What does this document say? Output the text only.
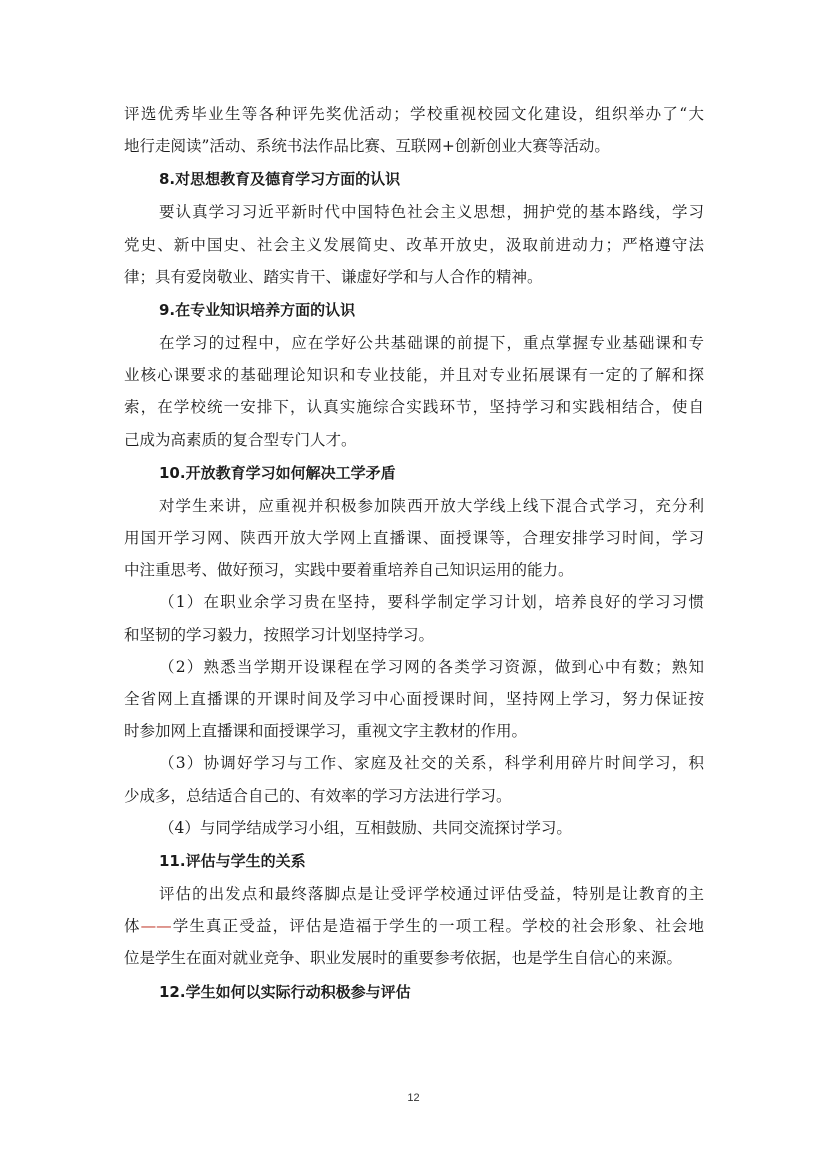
评选优秀毕业生等各种评先奖优活动；学校重视校园文化建设，组织举办了“大

地行走阅读”活动、系统书法作品比赛、互联网+创新创业大赛等活动。

8.对思想教育及德育学习方面的认识

要认真学习习近平新时代中国特色社会主义思想，拥护党的基本路线，学习

党史、新中国史、社会主义发展简史、改革开放史，汲取前进动力；严格遵守法

律；具有爱岗敬业、踏实肯干、谦虚好学和与人合作的精神。

9.在专业知识培养方面的认识

在学习的过程中，应在学好公共基础课的前提下，重点掌握专业基础课和专

业核心课要求的基础理论知识和专业技能，并且对专业拓展课有一定的了解和探

索，在学校统一安排下，认真实施综合实践环节，坚持学习和实践相结合，使自

己成为高素质的复合型专门人才。

10.开放教育学习如何解决工学矛盾

对学生来讲，应重视并积极参加陕西开放大学线上线下混合式学习，充分利

用国开学习网、陕西开放大学网上直播课、面授课等，合理安排学习时间，学习

中注重思考、做好预习，实践中要着重培养自己知识运用的能力。

（1）在职业余学习贵在坚持，要科学制定学习计划，培养良好的学习习惯

和坚韧的学习毅力，按照学习计划坚持学习。

（2）熟悉当学期开设课程在学习网的各类学习资源，做到心中有数；熟知

全省网上直播课的开课时间及学习中心面授课时间，坚持网上学习，努力保证按

时参加网上直播课和面授课学习，重视文字主教材的作用。

（3）协调好学习与工作、家庭及社交的关系，科学利用碎片时间学习，积

少成多，总结适合自己的、有效率的学习方法进行学习。

（4）与同学结成学习小组，互相鼓励、共同交流探讨学习。

11.评估与学生的关系

评估的出发点和最终落脚点是让受评学校通过评估受益，特别是让教育的主

体——学生真正受益，评估是造福于学生的一项工程。学校的社会形象、社会地

位是学生在面对就业竞争、职业发展时的重要参考依据，也是学生自信心的来源。

12.学生如何以实际行动积极参与评估

12
